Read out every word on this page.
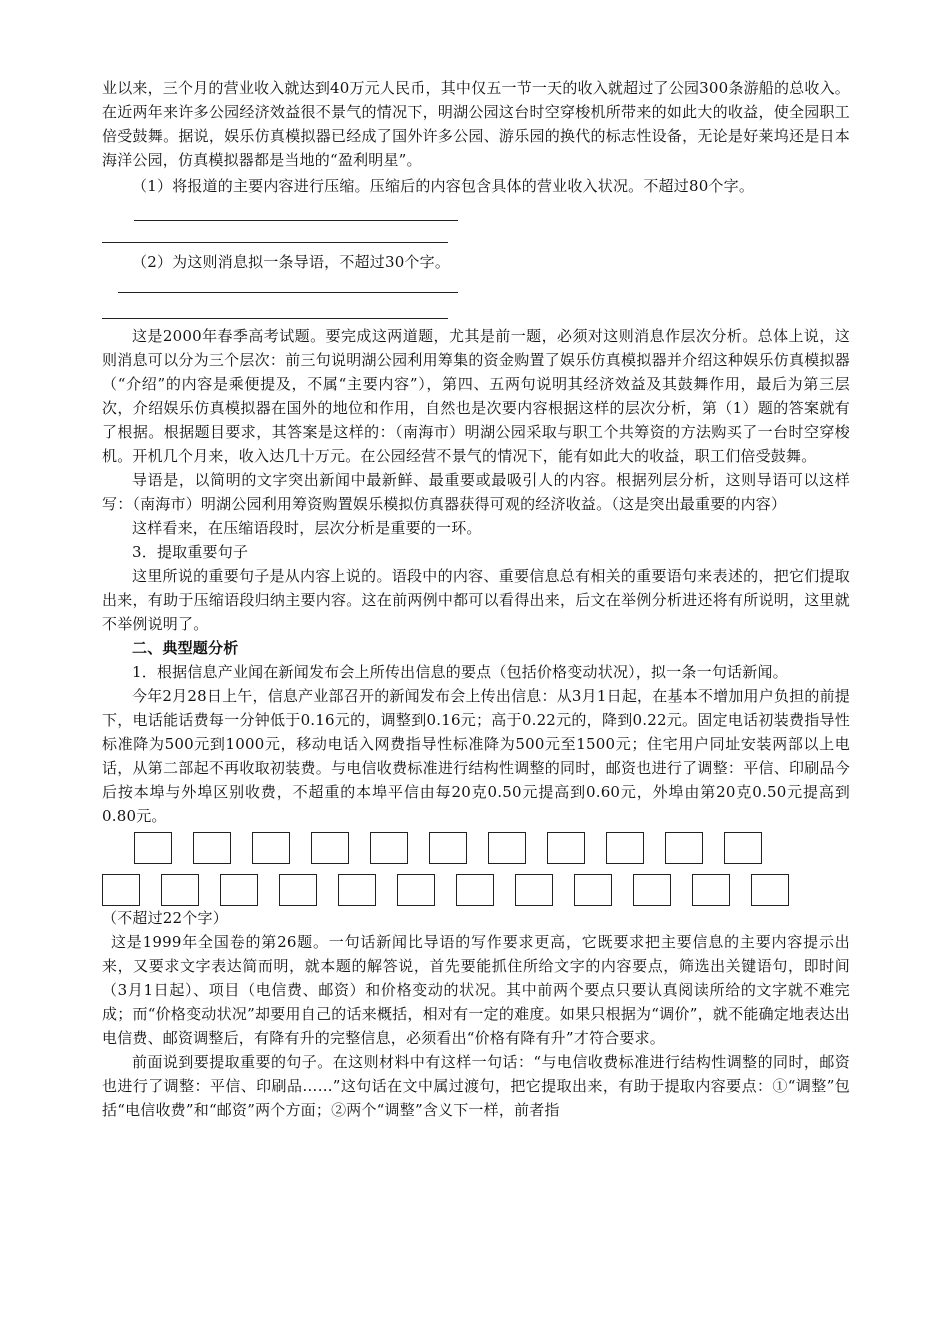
业以来，三个月的营业收入就达到40万元人民币，其中仅五一节一天的收入就超过了公园300条游船的总收入。在近两年来许多公园经济效益很不景气的情况下，明湖公园这台时空穿梭机所带来的如此大的收益，使全园职工倍受鼓舞。据说，娱乐仿真模拟器已经成了国外许多公园、游乐园的换代的标志性设备，无论是好莱坞还是日本海洋公园，仿真模拟器都是当地的“盈利明星”。

（1）将报道的主要内容进行压缩。压缩后的内容包含具体的营业收入状况。不超过80个字。

（2）为这则消息拟一条导语，不超过30个字。

这是2000年春季高考试题。要完成这两道题，尤其是前一题，必须对这则消息作层次分析。总体上说，这则消息可以分为三个层次：前三句说明湖公园利用筹集的资金购置了娱乐仿真模拟器并介绍这种娱乐仿真模拟器（“介绍”的内容是乘便提及，不属“主要内容”），第四、五两句说明其经济效益及其鼓舞作用，最后为第三层次，介绍娱乐仿真模拟器在国外的地位和作用，自然也是次要内容根据这样的层次分析，第（1）题的答案就有了根据。根据题目要求，其答案是这样的：（南海市）明湖公园采取与职工个共筹资的方法购买了一台时空穿梭机。开机几个月来，收入达几十万元。在公园经营不景气的情况下，能有如此大的收益，职工们倍受鼓舞。

导语是，以简明的文字突出新闻中最新鲜、最重要或最吸引人的内容。根据列层分析，这则导语可以这样写：（南海市）明湖公园利用筹资购置娱乐模拟仿真器获得可观的经济收益。（这是突出最重要的内容）

这样看来，在压缩语段时，层次分析是重要的一环。

3．提取重要句子

这里所说的重要句子是从内容上说的。语段中的内容、重要信息总有相关的重要语句来表述的，把它们提取出来，有助于压缩语段归纳主要内容。这在前两例中都可以看得出来，后文在举例分析进还将有所说明，这里就不举例说明了。

二、典型题分析

1．根据信息产业闻在新闻发布会上所传出信息的要点（包括价格变动状况），拟一条一句话新闻。

今年2月28日上午，信息产业部召开的新闻发布会上传出信息：从3月1日起，在基本不增加用户负担的前提下，电话能话费每一分钟低于0.16元的，调整到0.16元；高于0.22元的，降到0.22元。固定电话初装费指导性标准降为500元到1000元，移动电话入网费指导性标准降为500元至1500元；住宅用户同址安装两部以上电话，从第二部起不再收取初装费。与电信收费标准进行结构性调整的同时，邮资也进行了调整：平信、印刷品今后按本埠与外埠区别收费，不超重的本埠平信由每20克0.50元提高到0.60元，外埠由第20克0.50元提高到0.80元。

（不超过22个字）

这是1999年全国卷的第26题。一句话新闻比导语的写作要求更高，它既要求把主要信息的主要内容提示出来，又要求文字表达简而明，就本题的解答说，首先要能抓住所给文字的内容要点，筛选出关键语句，即时间（3月1日起）、项目（电信费、邮资）和价格变动的状况。其中前两个要点只要认真阅读所给的文字就不难完成；而“价格变动状况”却要用自己的话来概括，相对有一定的难度。如果只根据为“调价”，就不能确定地表达出电信费、邮资调整后，有降有升的完整信息，必须看出“价格有降有升”才符合要求。

前面说到要提取重要的句子。在这则材料中有这样一句话：“与电信收费标准进行结构性调整的同时，邮资也进行了调整：平信、印刷品……”这句话在文中属过渡句，把它提取出来，有助于提取内容要点：①“调整”包括“电信收费”和“邮资”两个方面；②两个“调整”含义下一样，前者指
